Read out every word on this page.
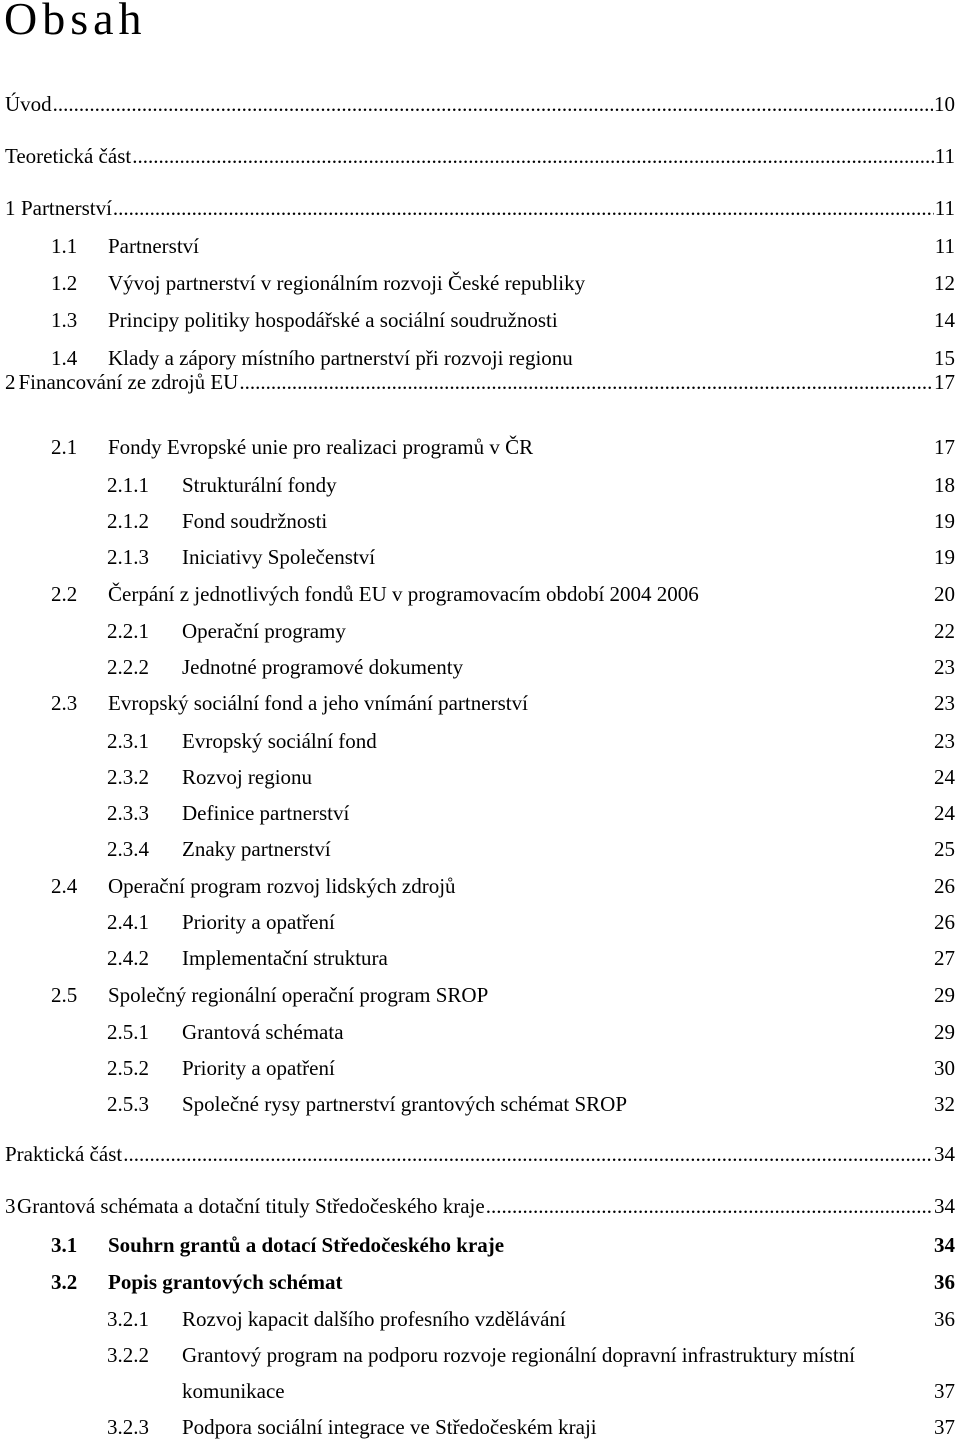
Obsah
Úvod .....	10
Teoretická část .....	11
1 Partnerství .....	11
1.1	Partnerství	11
1.2	Vývoj partnerství v regionálním rozvoji České republiky	12
1.3	Principy politiky hospodářské a sociální soudružnosti	14
1.4	Klady a zápory místního partnerství při rozvoji regionu	15
2 Financování ze zdrojů EU .....	17
2.1	Fondy Evropské unie pro realizaci programů v ČR	17
2.1.1	Strukturální fondy	18
2.1.2	Fond soudržnosti	19
2.1.3	Iniciativy Společenství	19
2.2	Čerpání z jednotlivých fondů EU v programovacím období 2004 2006	20
2.2.1	Operační programy	22
2.2.2	Jednotné programové dokumenty	23
2.3	Evropský sociální fond a jeho vnímání partnerství	23
2.3.1	Evropský sociální fond	23
2.3.2	Rozvoj regionu	24
2.3.3	Definice partnerství	24
2.3.4	Znaky partnerství	25
2.4	Operační program rozvoj lidských zdrojů	26
2.4.1	Priority a opatření	26
2.4.2	Implementační struktura	27
2.5	Společný regionální operační program SROP	29
2.5.1	Grantová schémata	29
2.5.2	Priority a opatření	30
2.5.3	Společné rysy partnerství grantových schémat SROP	32
Praktická část .....	34
3 Grantová schémata a dotační tituly Středočeského kraje .....	34
3.1	Souhrn grantů a dotací Středočeského kraje	34
3.2	Popis grantových schémat	36
3.2.1	Rozvoj kapacit dalšího profesního vzdělávání	36
3.2.2	Grantový program na podporu rozvoje regionální dopravní infrastruktury místní
komunikace	37
3.2.3	Podpora sociální integrace ve Středočeském kraji	37
